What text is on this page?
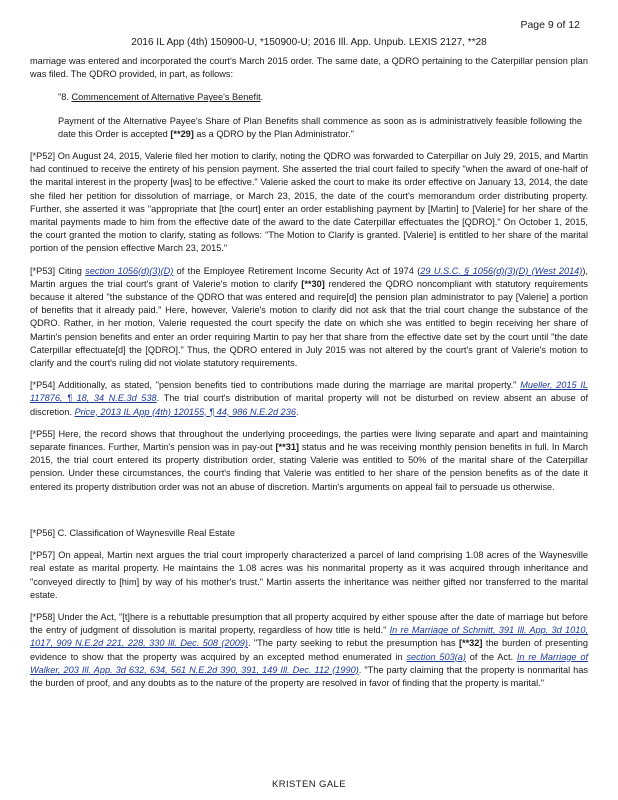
Page 9 of 12
2016 IL App (4th) 150900-U, *150900-U; 2016 Ill. App. Unpub. LEXIS 2127, **28

marriage was entered and incorporated the court's March 2015 order. The same date, a QDRO pertaining to the Caterpillar pension plan was filed. The QDRO provided, in part, as follows:

"8. Commencement of Alternative Payee's Benefit.

Payment of the Alternative Payee's Share of Plan Benefits shall commence as soon as is administratively feasible following the date this Order is accepted [**29] as a QDRO by the Plan Administrator."

[*P52] On August 24, 2015, Valerie filed her motion to clarify, noting the QDRO was forwarded to Caterpillar on July 29, 2015, and Martin had continued to receive the entirety of his pension payment. She asserted the trial court failed to specify "when the award of one-half of the marital interest in the property [was] to be effective." Valerie asked the court to make its order effective on January 13, 2014, the date she filed her petition for dissolution of marriage, or March 23, 2015, the date of the court's memorandum order distributing property. Further, she asserted it was "appropriate that [the court] enter an order establishing payment by [Martin] to [Valerie] for her share of the marital payments made to him from the effective date of the award to the date Caterpillar effectuates the [QDRO]." On October 1, 2015, the court granted the motion to clarify, stating as follows: "The Motion to Clarify is granted. [Valerie] is entitled to her share of the marital portion of the pension effective March 23, 2015."

[*P53] Citing section 1056(d)(3)(D) of the Employee Retirement Income Security Act of 1974 (29 U.S.C. § 1056(d)(3)(D) (West 2014)), Martin argues the trial court's grant of Valerie's motion to clarify [**30] rendered the QDRO noncompliant with statutory requirements because it altered "the substance of the QDRO that was entered and require[d] the pension plan administrator to pay [Valerie] a portion of benefits that it already paid." Here, however, Valerie's motion to clarify did not ask that the trial court change the substance of the QDRO. Rather, in her motion, Valerie requested the court specify the date on which she was entitled to begin receiving her share of Martin's pension benefits and enter an order requiring Martin to pay her that share from the effective date set by the court until "the date Caterpillar effectuate[d] the [QDRO]." Thus, the QDRO entered in July 2015 was not altered by the court's grant of Valerie's motion to clarify and the court's ruling did not violate statutory requirements.

[*P54] Additionally, as stated, "pension benefits tied to contributions made during the marriage are marital property." Mueller, 2015 IL 117876, ¶ 18, 34 N.E.3d 538. The trial court's distribution of marital property will not be disturbed on review absent an abuse of discretion. Price, 2013 IL App (4th) 120155, ¶ 44, 986 N.E.2d 236.

[*P55] Here, the record shows that throughout the underlying proceedings, the parties were living separate and apart and maintaining separate finances. Further, Martin's pension was in pay-out [**31] status and he was receiving monthly pension benefits in full. In March 2015, the trial court entered its property distribution order, stating Valerie was entitled to 50% of the marital share of the Caterpillar pension. Under these circumstances, the court's finding that Valerie was entitled to her share of the pension benefits as of the date it entered its property distribution order was not an abuse of discretion. Martin's arguments on appeal fail to persuade us otherwise.

[*P56] C. Classification of Waynesville Real Estate

[*P57] On appeal, Martin next argues the trial court improperly characterized a parcel of land comprising 1.08 acres of the Waynesville real estate as marital property. He maintains the 1.08 acres was his nonmarital property as it was acquired through inheritance and "conveyed directly to [him] by way of his mother's trust." Martin asserts the inheritance was neither gifted nor transferred to the marital estate.

[*P58] Under the Act, "[t]here is a rebuttable presumption that all property acquired by either spouse after the date of marriage but before the entry of judgment of dissolution is marital property, regardless of how title is held." In re Marriage of Schmitt, 391 Ill. App. 3d 1010, 1017, 909 N.E.2d 221, 228, 330 Ill. Dec. 508 (2009). "The party seeking to rebut the presumption has [**32] the burden of presenting evidence to show that the property was acquired by an excepted method enumerated in section 503(a) of the Act. In re Marriage of Walker, 203 Ill. App. 3d 632, 634, 561 N.E.2d 390, 391, 149 Ill. Dec. 112 (1990). "The party claiming that the property is nonmarital has the burden of proof, and any doubts as to the nature of the property are resolved in favor of finding that the property is marital."

KRISTEN GALE
